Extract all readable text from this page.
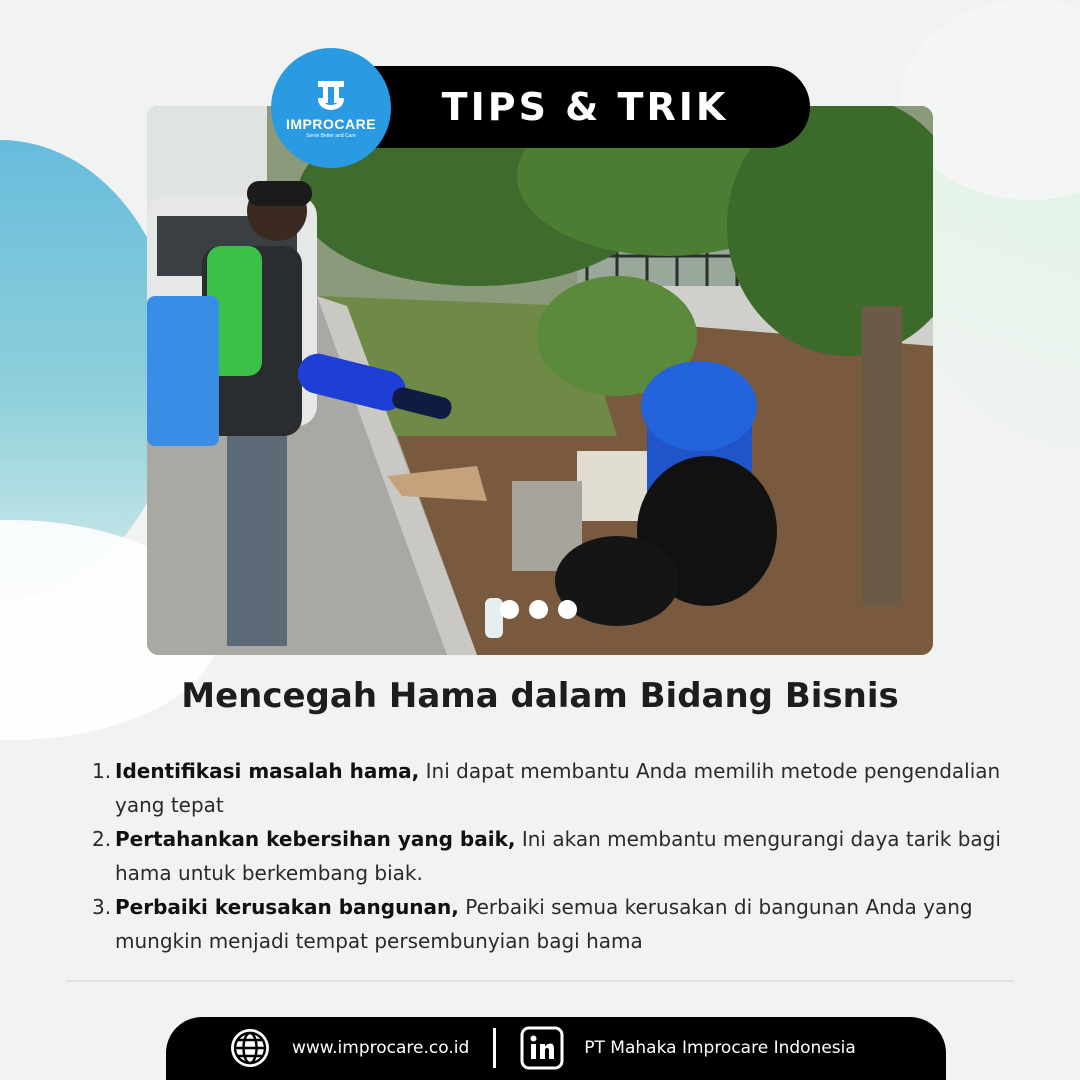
TIPS & TRIK
IMPROCARE
Serve Better and Care
Mencegah Hama dalam Bidang Bisnis
1. Identifikasi masalah hama, Ini dapat membantu Anda memilih metode pengendalian yang tepat
2. Pertahankan kebersihan yang baik, Ini akan membantu mengurangi daya tarik bagi hama untuk berkembang biak.
3. Perbaiki kerusakan bangunan, Perbaiki semua kerusakan di bangunan Anda yang mungkin menjadi tempat persembunyian bagi hama
www.improcare.co.id	PT Mahaka Improcare Indonesia
